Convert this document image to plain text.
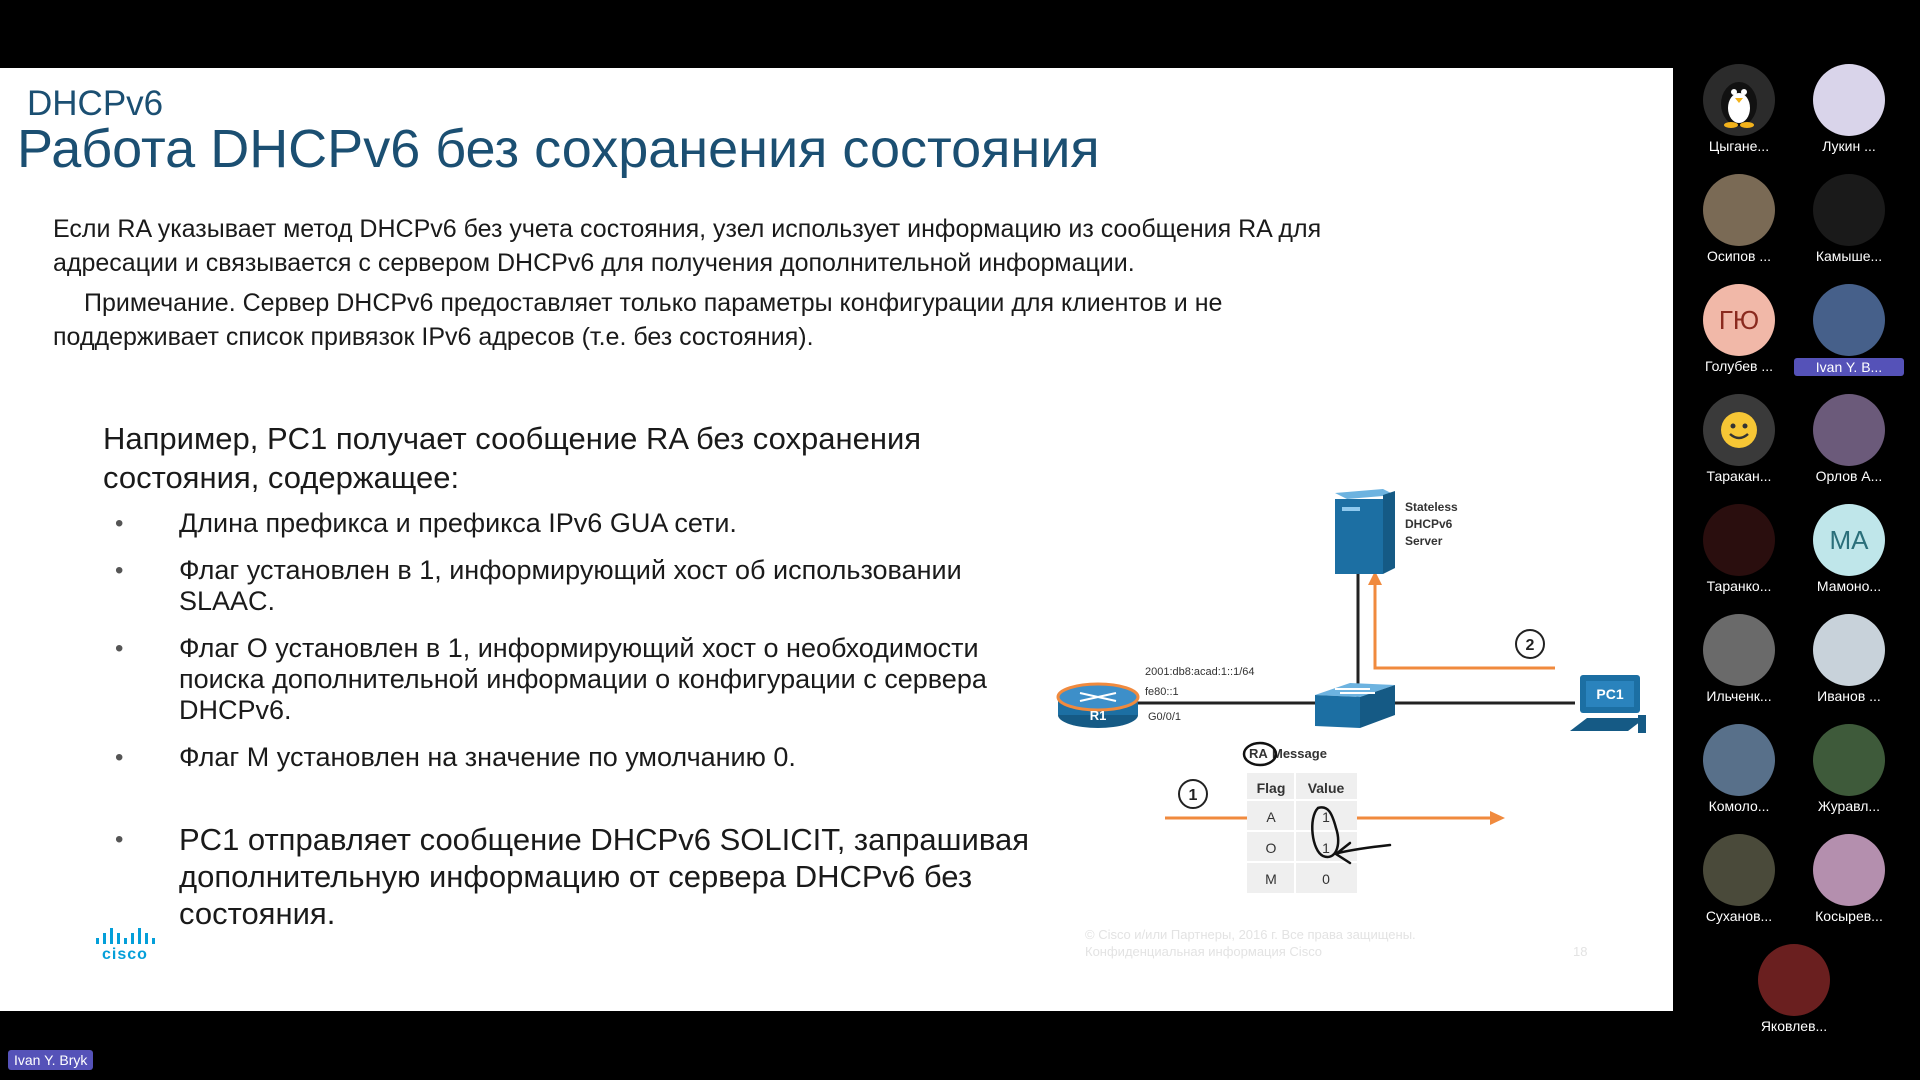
DHCPv6
Работа DHCPv6 без сохранения состояния
Если RA указывает метод DHCPv6 без учета состояния, узел использует информацию из сообщения RA для
адресации и связывается с сервером DHCPv6 для получения дополнительной информации.
Примечание. Сервер DHCPv6 предоставляет только параметры конфигурации для клиентов и не
поддерживает список привязок IPv6 адресов (т.е. без состояния).
Например, PC1 получает сообщение RA без сохранения
состояния, содержащее:
• Длина префикса и префикса IPv6 GUA сети.
• Флаг установлен в 1, информирующий хост об использовании SLAAC.
• Флаг O установлен в 1, информирующий хост о необходимости поиска дополнительной информации о конфигурации с сервера DHCPv6.
• Флаг M установлен на значение по умолчанию 0.
• PC1 отправляет сообщение DHCPv6 SOLICIT, запрашивая дополнительную информацию от сервера DHCPv6 без состояния.
cisco
© Cisco и/или Партнеры, 2016 г. Все права защищены.
Конфиденциальная информация Cisco	18
2
Stateless
DHCPv6
Server
R1
2001:db8:acad:1::1/64
fe80::1
G0/0/1
PC1
RA Message
1	Flag Value
A	1
O	1
M	0
Цыгане...	Лукин ...
Осипов ...	Камыше...
ГЮ
Голубев ...	Ivan Y. B...
Таракан...	Орлов А...
Таранко...
МА
Мамоно...
Ильченк...	Иванов ...
Комоло...	Журавл...
Суханов...	Косырев...
Яковлев...
Ivan Y. Bryk
